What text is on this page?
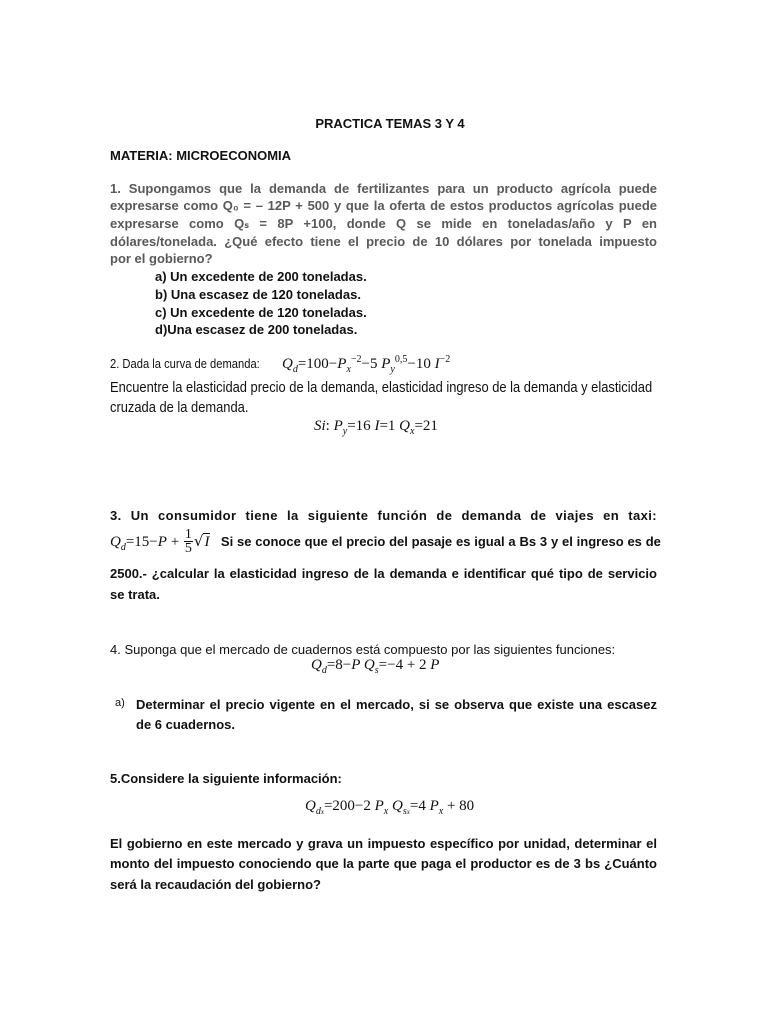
PRACTICA TEMAS 3 Y 4
MATERIA: MICROECONOMIA
1. Supongamos que la demanda de fertilizantes para un producto agrícola puede
expresarse como Q₀ = – 12P + 500 y que la oferta de estos productos agrícolas puede
expresarse como Qₛ = 8P +100, donde Q se mide en toneladas/año y P en
dólares/tonelada. ¿Qué efecto tiene el precio de 10 dólares por tonelada impuesto
por el gobierno?
a) Un excedente de 200 toneladas.
b) Una escasez de 120 toneladas.
c) Un excedente de 120 toneladas.
d)Una escasez de 200 toneladas.
2. Dada la curva de demanda: $Q_d=100-P_x^{-2}-5$ $P_y^{0,5}-10$ $I^{-2}$
Encuentre la elasticidad precio de la demanda, elasticidad ingreso de la demanda y elasticidad
cruzada de la demanda.
Si: $P_y=16$ I=1 $Q_x=21$
3. Un consumidor tiene la siguiente función de demanda de viajes en taxi:
$Q_d=15-P + \frac{1}{5} √I$ Si se conoce que el precio del pasaje es igual a Bs 3 y el ingreso es de
2500.- ¿calcular la elasticidad ingreso de la demanda e identificar qué tipo de servicio
se trata.
4. Suponga que el mercado de cuadernos está compuesto por las siguientes funciones:
$Q_d=8-P$ $Q_s=-4 + 2$ P
a) Determinar el precio vigente en el mercado, si se observa que existe una escasez
de 6 cuadernos.
5.Considere la siguiente información:
$Q_{dx}=200-2$ $P_x$ $Q_{sx}=4$ $P_x + 80$
El gobierno en este mercado y grava un impuesto específico por unidad, determinar el
monto del impuesto conociendo que la parte que paga el productor es de 3 bs ¿Cuánto
será la recaudación del gobierno?
